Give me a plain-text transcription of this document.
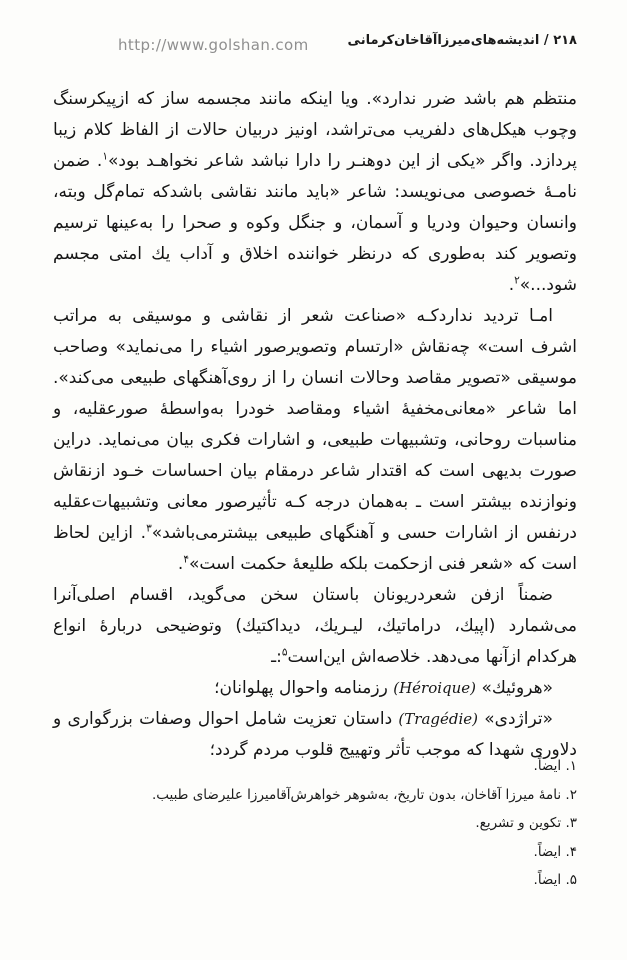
http://www.golshan.com	۲۱۸ / اندیشه‌های‌میرزاآقاخان‌کرمانی

منتظم هم باشد ضرر ندارد». ویا اینکه مانند مجسمه ساز که ازپیکرسنگ وچوب هیکل‌های دلفریب می‌تراشد، اونیز دربیان حالات از الفاظ کلام زیبا پردازد. واگر «یکی از این دوهنـر را دارا نباشد شاعر نخواهـد بود»$^۱$. ضمن نامـهٔ خصوصی می‌نویسد: شاعر «باید مانند نقاشی باشدکه تمام‌گل وبته، وانسان وحیوان ودریا و آسمان، و جنگل وکوه و صحرا را به‌عینها ترسیم وتصویر کند به‌طوری که درنظر خواننده اخلاق و آداب یك امتی مجسم شود...»$^۲$.

امـا تردید نداردکـه «صناعت شعر از نقاشی و موسیقی به مراتب اشرف است» چه‌نقاش «ارتسام وتصویرصور اشیاء را می‌نماید» وصاحب موسیقی «تصویر مقاصد وحالات انسان را از روی‌آهنگهای طبیعی می‌کند». اما شاعر «معانی‌مخفیهٔ اشیاء ومقاصد خودرا به‌واسطهٔ صورعقلیه، و مناسبات روحانی، وتشبیهات طبیعی، و اشارات فکری بیان می‌نماید. دراین صورت بدیهی است که اقتدار شاعر درمقام بیان احساسات خـود ازنقاش ونوازنده بیشتر است ـ به‌همان درجه کـه تأثیرصور معانی وتشبیهات‌عقلیه درنفس از اشارات حسی و آهنگهای طبیعی بیشترمی‌باشد»$^۳$. ازاین لحاظ است که «شعر فنی ازحکمت بلکه طلیعهٔ حکمت است»$^۴$.

ضمناً ازفن شعردریونان باستان سخن می‌گوید، اقسام اصلی‌آنرا می‌شمارد (اپیك، دراماتیك، لیـریك، دیداکتیك) وتوضیحی دربارهٔ انواع هرکدام ازآنها می‌دهد. خلاصه‌اش این‌است$^۵$:ـ

«هروئیك» (Héroique) رزمنامه واحوال پهلوانان؛

«تراژدی» (Tragédie) داستان تعزیت شامل احوال وصفات بزرگواری و دلاوری شهدا که موجب تأثر وتهییج قلوب مردم گردد؛

۱. ایضاً.
۲. نامهٔ میرزا آقاخان، بدون تاریخ، به‌شوهر خواهرش‌آقامیرزا علیرضای طبیب.
۳. تکوین و تشریع.
۴. ایضاً.
۵. ایضاً.
